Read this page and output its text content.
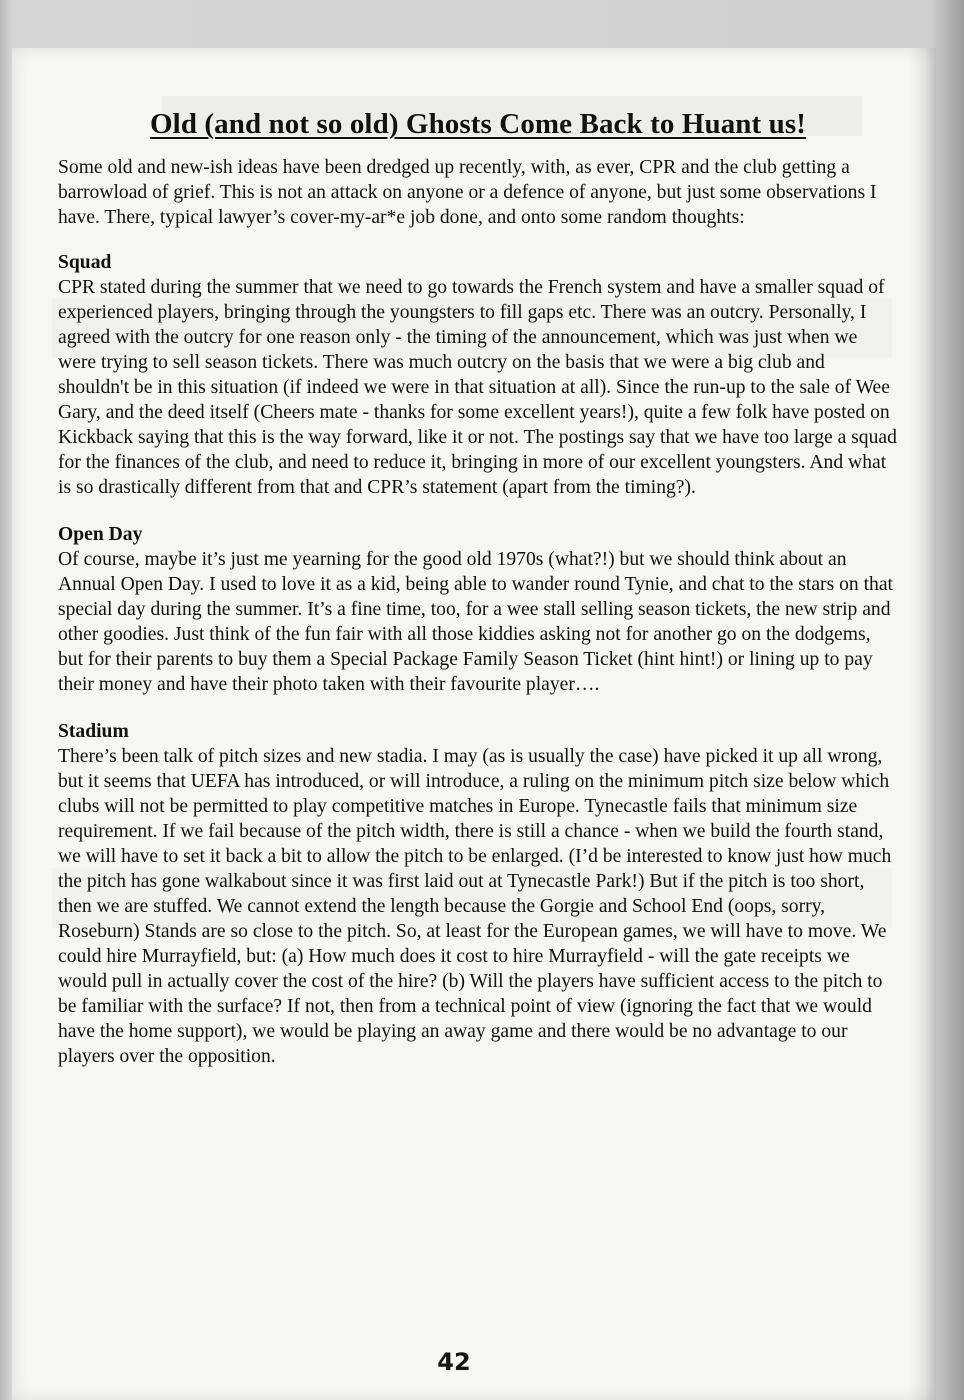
Old (and not so old) Ghosts Come Back to Huant us!

Some old and new-ish ideas have been dredged up recently, with, as ever, CPR and the club getting a barrowload of grief. This is not an attack on anyone or a defence of anyone, but just some observations I have. There, typical lawyer’s cover-my-ar*e job done, and onto some random thoughts:

Squad

CPR stated during the summer that we need to go towards the French system and have a smaller squad of experienced players, bringing through the youngsters to fill gaps etc. There was an outcry. Personally, I agreed with the outcry for one reason only - the timing of the announcement, which was just when we were trying to sell season tickets. There was much outcry on the basis that we were a big club and shouldn't be in this situation (if indeed we were in that situation at all). Since the run-up to the sale of Wee Gary, and the deed itself (Cheers mate - thanks for some excellent years!), quite a few folk have posted on Kickback saying that this is the way forward, like it or not. The postings say that we have too large a squad for the finances of the club, and need to reduce it, bringing in more of our excellent youngsters. And what is so drastically different from that and CPR’s statement (apart from the timing?).

Open Day

Of course, maybe it’s just me yearning for the good old 1970s (what?!) but we should think about an Annual Open Day. I used to love it as a kid, being able to wander round Tynie, and chat to the stars on that special day during the summer. It’s a fine time, too, for a wee stall selling season tickets, the new strip and other goodies. Just think of the fun fair with all those kiddies asking not for another go on the dodgems, but for their parents to buy them a Special Package Family Season Ticket (hint hint!) or lining up to pay their money and have their photo taken with their favourite player….

Stadium

There’s been talk of pitch sizes and new stadia. I may (as is usually the case) have picked it up all wrong, but it seems that UEFA has introduced, or will introduce, a ruling on the minimum pitch size below which clubs will not be permitted to play competitive matches in Europe. Tynecastle fails that minimum size requirement. If we fail because of the pitch width, there is still a chance - when we build the fourth stand, we will have to set it back a bit to allow the pitch to be enlarged. (I’d be interested to know just how much the pitch has gone walkabout since it was first laid out at Tynecastle Park!) But if the pitch is too short, then we are stuffed. We cannot extend the length because the Gorgie and School End (oops, sorry, Roseburn) Stands are so close to the pitch. So, at least for the European games, we will have to move. We could hire Murrayfield, but: (a) How much does it cost to hire Murrayfield - will the gate receipts we would pull in actually cover the cost of the hire? (b) Will the players have sufficient access to the pitch to be familiar with the surface? If not, then from a technical point of view (ignoring the fact that we would have the home support), we would be playing an away game and there would be no advantage to our players over the opposition.

42
